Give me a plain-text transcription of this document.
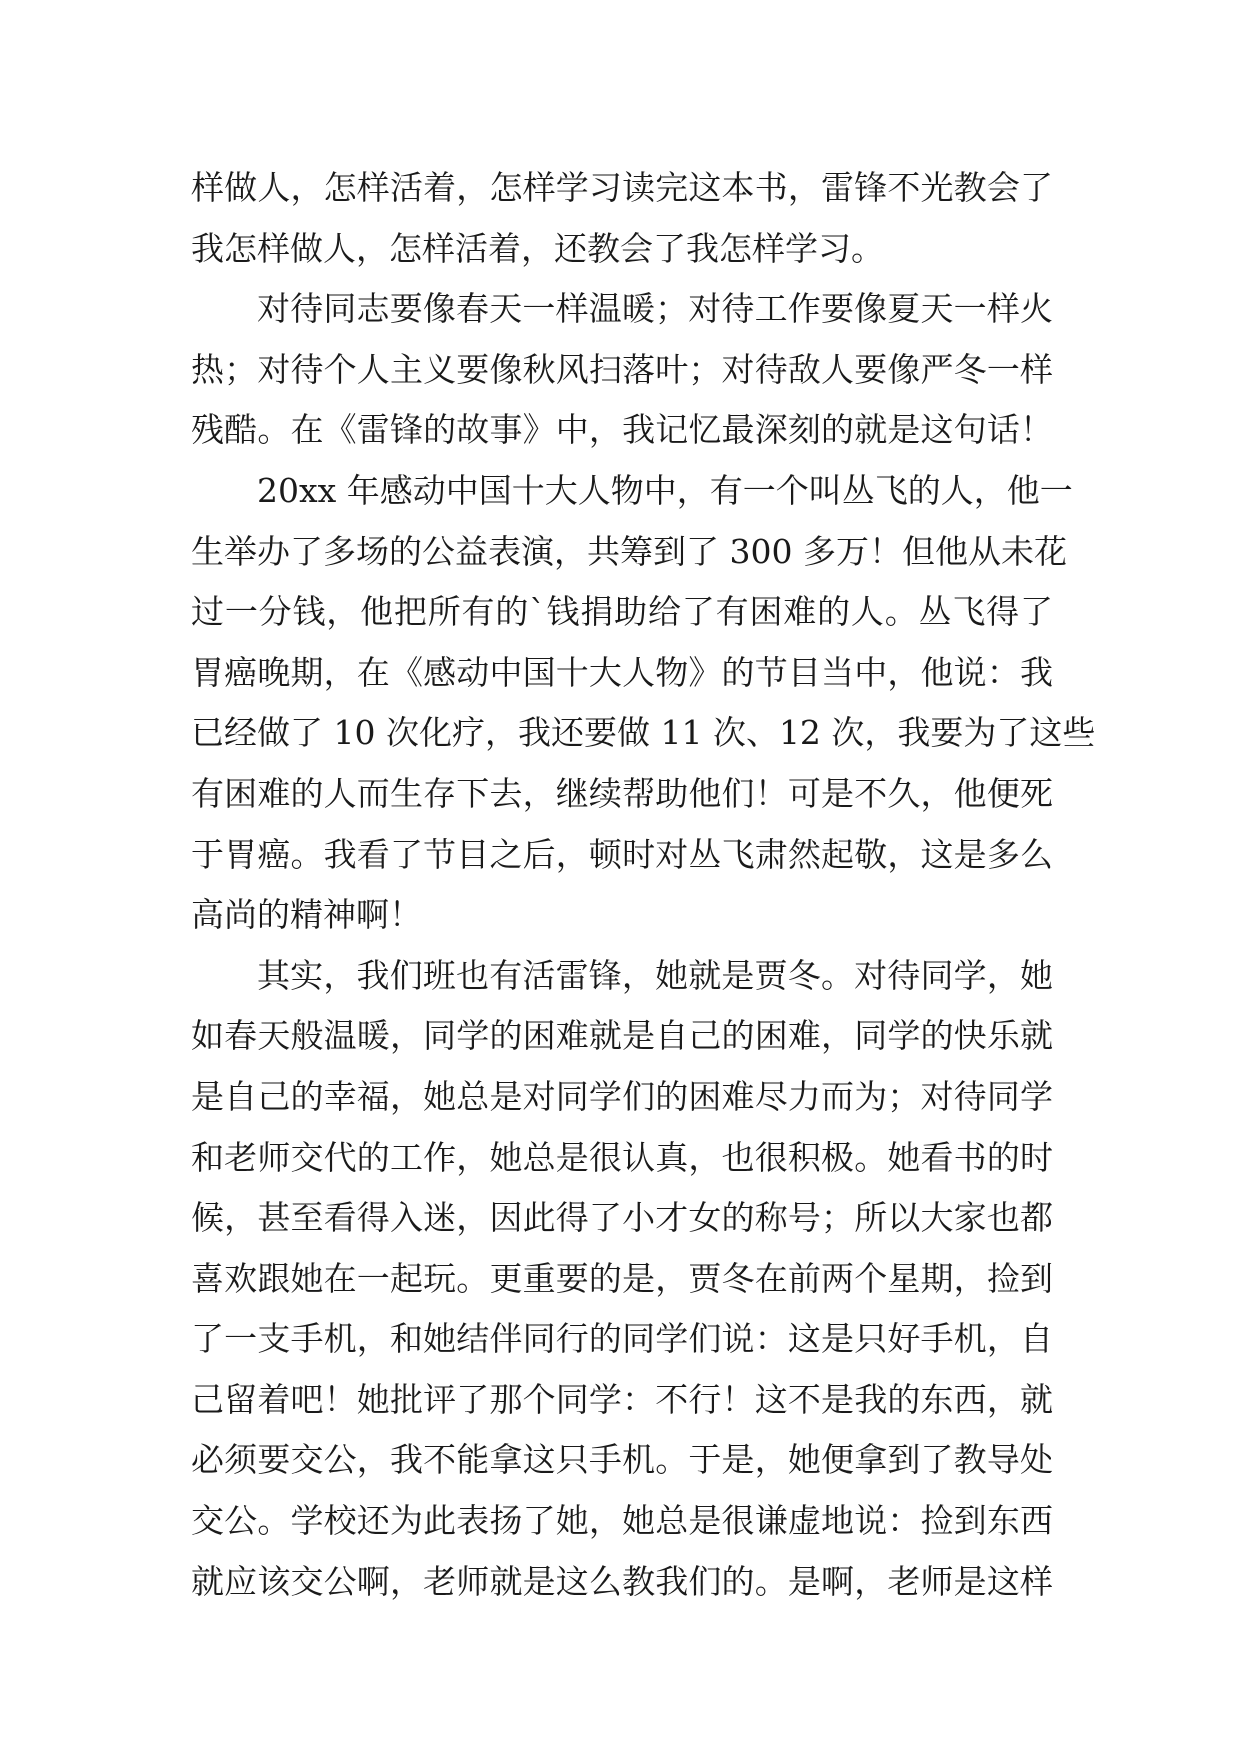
样做人，怎样活着，怎样学习读完这本书，雷锋不光教会了
我怎样做人，怎样活着，还教会了我怎样学习。
对待同志要像春天一样温暖；对待工作要像夏天一样火
热；对待个人主义要像秋风扫落叶；对待敌人要像严冬一样
残酷。在《雷锋的故事》中，我记忆最深刻的就是这句话！
20xx 年感动中国十大人物中，有一个叫丛飞的人，他一
生举办了多场的公益表演，共筹到了 300 多万！但他从未花
过一分钱，他把所有的`钱捐助给了有困难的人。丛飞得了
胃癌晚期，在《感动中国十大人物》的节目当中，他说：我
已经做了 10 次化疗，我还要做 11 次、12 次，我要为了这些
有困难的人而生存下去，继续帮助他们！可是不久，他便死
于胃癌。我看了节目之后，顿时对丛飞肃然起敬，这是多么
高尚的精神啊！
其实，我们班也有活雷锋，她就是贾冬。对待同学，她
如春天般温暖，同学的困难就是自己的困难，同学的快乐就
是自己的幸福，她总是对同学们的困难尽力而为；对待同学
和老师交代的工作，她总是很认真，也很积极。她看书的时
候，甚至看得入迷，因此得了小才女的称号；所以大家也都
喜欢跟她在一起玩。更重要的是，贾冬在前两个星期，捡到
了一支手机，和她结伴同行的同学们说：这是只好手机，自
己留着吧！她批评了那个同学：不行！这不是我的东西，就
必须要交公，我不能拿这只手机。于是，她便拿到了教导处
交公。学校还为此表扬了她，她总是很谦虚地说：捡到东西
就应该交公啊，老师就是这么教我们的。是啊，老师是这样
